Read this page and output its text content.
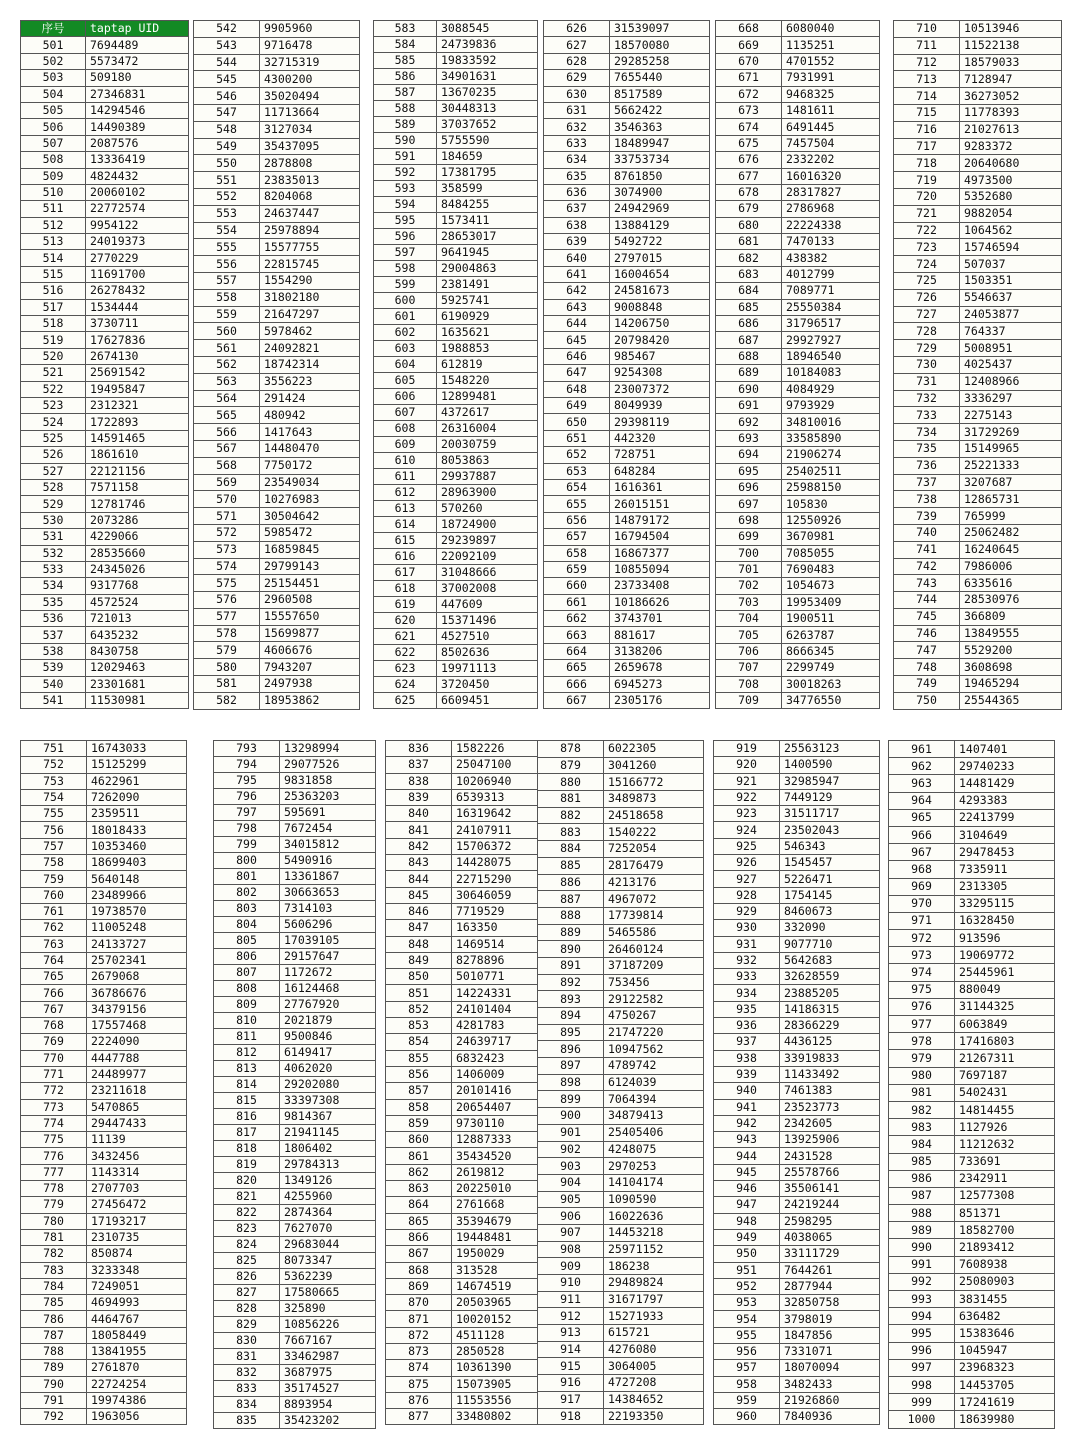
序号	taptap UID
501	7694489
502	5573472
503	509180
504	27346831
505	14294546
506	14490389
507	2087576
508	13336419
509	4824432
510	20060102
511	22772574
512	9954122
513	24019373
514	2770229
515	11691700
516	26278432
517	1534444
518	3730711
519	17627836
520	2674130
521	25691542
522	19495847
523	2312321
524	1722893
525	14591465
526	1861610
527	22121156
528	7571158
529	12781746
530	2073286
531	4229066
532	28535660
533	24345026
534	9317768
535	4572524
536	721013
537	6435232
538	8430758
539	12029463
540	23301681
541	11530981
542	9905960
543	9716478
544	32715319
545	4300200
546	35020494
547	11713664
548	3127034
549	35437095
550	2878808
551	23835013
552	8204068
553	24637447
554	25978894
555	15577755
556	22815745
557	1554290
558	31802180
559	21647297
560	5978462
561	24092821
562	18742314
563	3556223
564	291424
565	480942
566	1417643
567	14480470
568	7750172
569	23549034
570	10276983
571	30504642
572	5985472
573	16859845
574	29799143
575	25154451
576	2960508
577	15557650
578	15699877
579	4606676
580	7943207
581	2497938
582	18953862
583	3088545
584	24739836
585	19833592
586	34901631
587	13670235
588	30448313
589	37037652
590	5755590
591	184659
592	17381795
593	358599
594	8484255
595	1573411
596	28653017
597	9641945
598	29004863
599	2381491
600	5925741
601	6190929
602	1635621
603	1988853
604	612819
605	1548220
606	12899481
607	4372617
608	26316004
609	20030759
610	8053863
611	29937887
612	28963900
613	570260
614	18724900
615	29239897
616	22092109
617	31048666
618	37002008
619	447609
620	15371496
621	4527510
622	8502636
623	19971113
624	3720450
625	6609451
626	31539097
627	18570080
628	29285258
629	7655440
630	8517589
631	5662422
632	3546363
633	18489947
634	33753734
635	8761850
636	3074900
637	24942969
638	13884129
639	5492722
640	2797015
641	16004654
642	24581673
643	9008848
644	14206750
645	20798420
646	985467
647	9254308
648	23007372
649	8049939
650	29398119
651	442320
652	728751
653	648284
654	1616361
655	26015151
656	14879172
657	16794504
658	16867377
659	10855094
660	23733408
661	10186626
662	3743701
663	881617
664	3138206
665	2659678
666	6945273
667	2305176
668	6080040
669	1135251
670	4701552
671	7931991
672	9468325
673	1481611
674	6491445
675	7457504
676	2332202
677	16016320
678	28317827
679	2786968
680	22224338
681	7470133
682	438382
683	4012799
684	7089771
685	25550384
686	31796517
687	29927927
688	18946540
689	10184083
690	4084929
691	9793929
692	34810016
693	33585890
694	21906274
695	25402511
696	25988150
697	105830
698	12550926
699	3670981
700	7085055
701	7690483
702	1054673
703	19953409
704	1900511
705	6263787
706	8666345
707	2299749
708	30018263
709	34776550
710	10513946
711	11522138
712	18579033
713	7128947
714	36273052
715	11778393
716	21027613
717	9283372
718	20640680
719	4973500
720	5352680
721	9882054
722	1064562
723	15746594
724	507037
725	1503351
726	5546637
727	24053877
728	764337
729	5008951
730	4025437
731	12408966
732	3336297
733	2275143
734	31729269
735	15149965
736	25221333
737	3207687
738	12865731
739	765999
740	25062482
741	16240645
742	7986006
743	6335616
744	28530976
745	366809
746	13849555
747	5529200
748	3608698
749	19465294
750	25544365
751	16743033
752	15125299
753	4622961
754	7262090
755	2359511
756	18018433
757	10353460
758	18699403
759	5640148
760	23489966
761	19738570
762	11005248
763	24133727
764	25702341
765	2679068
766	36786676
767	34379156
768	17557468
769	2224090
770	4447788
771	24489977
772	23211618
773	5470865
774	29447433
775	11139
776	3432456
777	1143314
778	2707703
779	27456472
780	17193217
781	2310735
782	850874
783	3233348
784	7249051
785	4694993
786	4464767
787	18058449
788	13841955
789	2761870
790	22724254
791	19974386
792	1963056
793	13298994
794	29077526
795	9831858
796	25363203
797	595691
798	7672454
799	34015812
800	5490916
801	13361867
802	30663653
803	7314103
804	5606296
805	17039105
806	29157647
807	1172672
808	16124468
809	27767920
810	2021879
811	9500846
812	6149417
813	4062020
814	29202080
815	33397308
816	9814367
817	21941145
818	1806402
819	29784313
820	1349126
821	4255960
822	2874364
823	7627070
824	29683044
825	8073347
826	5362239
827	17580665
828	325890
829	10856226
830	7667167
831	33462987
832	3687975
833	35174527
834	8893954
835	35423202
836	1582226
837	25047100
838	10206940
839	6539313
840	16319642
841	24107911
842	15706372
843	14428075
844	22715290
845	30646059
846	7719529
847	163350
848	1469514
849	8278896
850	5010771
851	14224331
852	24101404
853	4281783
854	24639717
855	6832423
856	1406009
857	20101416
858	20654407
859	9730110
860	12887333
861	35434520
862	2619812
863	20225010
864	2761668
865	35394679
866	19448481
867	1950029
868	313528
869	14674519
870	20503965
871	10020152
872	4511128
873	2850528
874	10361390
875	15073905
876	11553556
877	33480802
878	6022305
879	3041260
880	15166772
881	3489873
882	24518658
883	1540222
884	7252054
885	28176479
886	4213176
887	4967072
888	17739814
889	5465586
890	26460124
891	37187209
892	753456
893	29122582
894	4750267
895	21747220
896	10947562
897	4789742
898	6124039
899	7064394
900	34879413
901	25405406
902	4248075
903	2970253
904	14104174
905	1090590
906	16022636
907	14453218
908	25971152
909	186238
910	29489824
911	31671797
912	15271933
913	615721
914	4276080
915	3064005
916	4727208
917	14384652
918	22193350
919	25563123
920	1400590
921	32985947
922	7449129
923	31511717
924	23502043
925	546343
926	1545457
927	5226471
928	1754145
929	8460673
930	332090
931	9077710
932	5642683
933	32628559
934	23885205
935	14186315
936	28366229
937	4436125
938	33919833
939	11433492
940	7461383
941	23523773
942	2342605
943	13925906
944	2431528
945	25578766
946	35506141
947	24219244
948	2598295
949	4038065
950	33111729
951	7644261
952	2877944
953	32850758
954	3798019
955	1847856
956	7331071
957	18070094
958	3482433
959	21926860
960	7840936
961	1407401
962	29740233
963	14481429
964	4293383
965	22413799
966	3104649
967	29478453
968	7335911
969	2313305
970	33295115
971	16328450
972	913596
973	19069772
974	25445961
975	880049
976	31144325
977	6063849
978	17416803
979	21267311
980	7697187
981	5402431
982	14814455
983	1127926
984	11212632
985	733691
986	2342911
987	12577308
988	851371
989	18582700
990	21893412
991	7608938
992	25080903
993	3831455
994	636482
995	15383646
996	1045947
997	23968323
998	14453705
999	17241619
1000	18639980
